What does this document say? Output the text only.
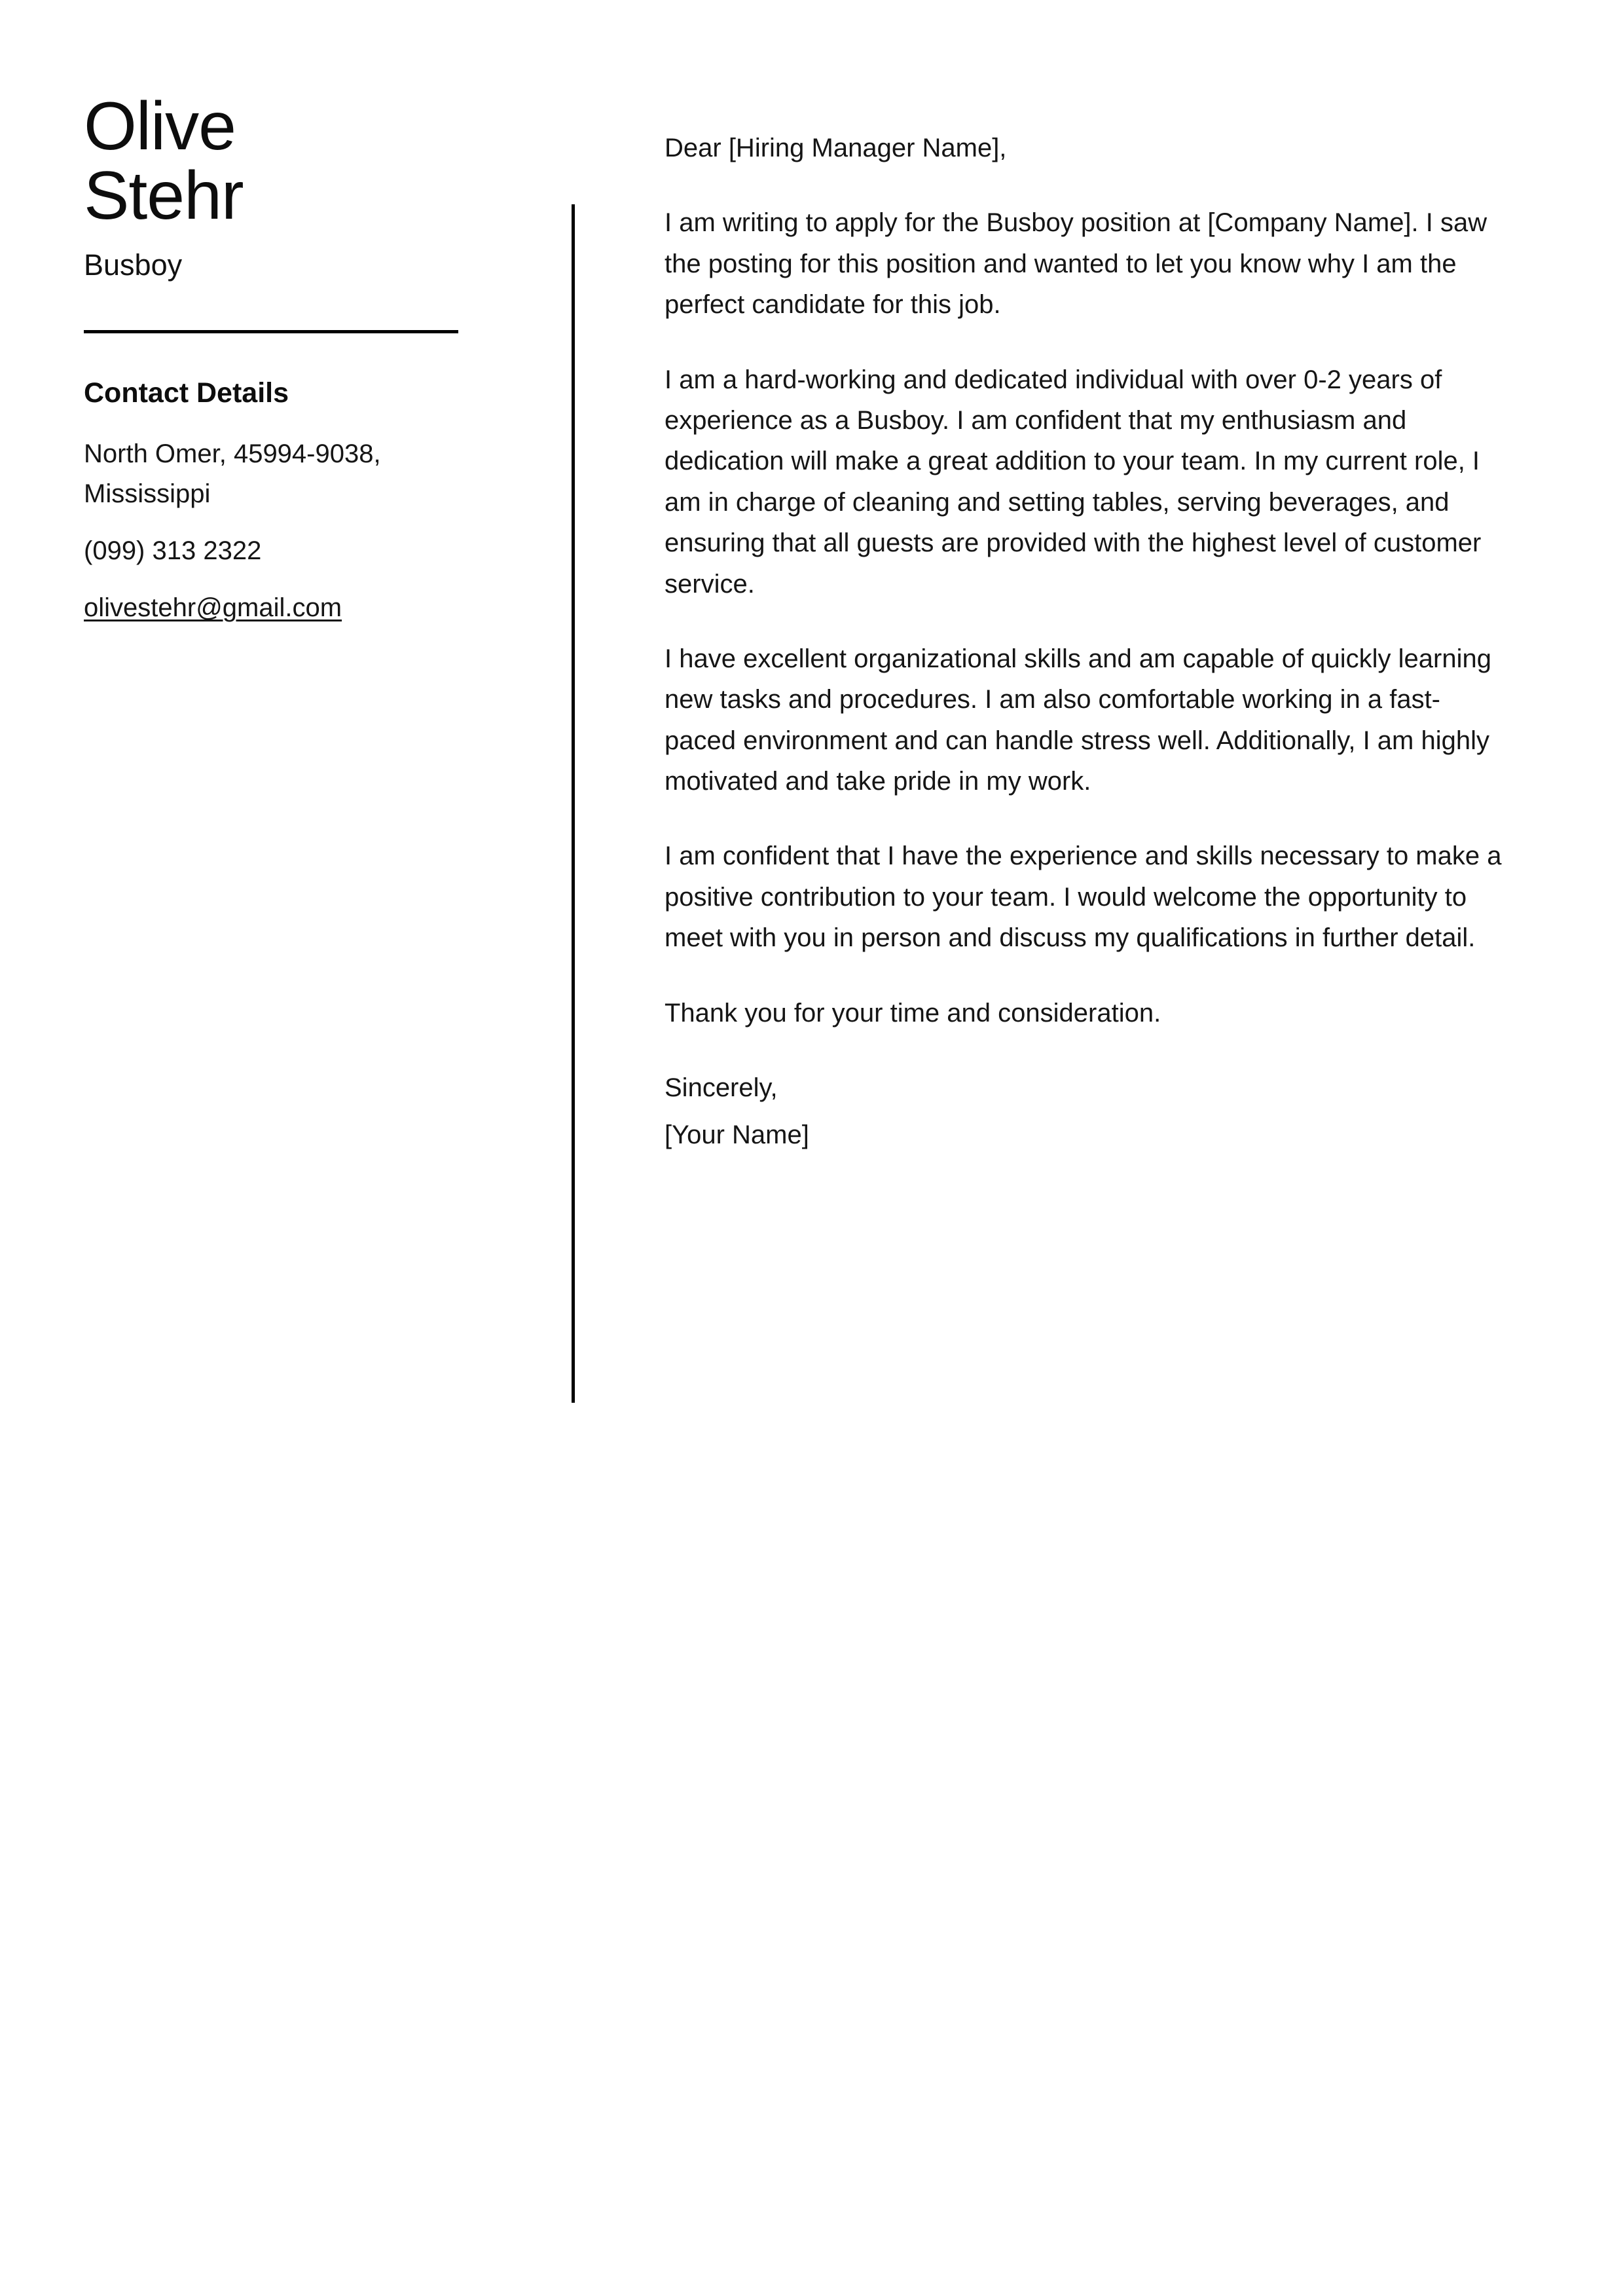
Olive
Stehr
Busboy
Contact Details
North Omer, 45994-9038, Mississippi
(099) 313 2322
olivestehr@gmail.com

Dear [Hiring Manager Name],

I am writing to apply for the Busboy position at [Company Name]. I saw the posting for this position and wanted to let you know why I am the perfect candidate for this job.

I am a hard-working and dedicated individual with over 0-2 years of experience as a Busboy. I am confident that my enthusiasm and dedication will make a great addition to your team. In my current role, I am in charge of cleaning and setting tables, serving beverages, and ensuring that all guests are provided with the highest level of customer service.

I have excellent organizational skills and am capable of quickly learning new tasks and procedures. I am also comfortable working in a fast-paced environment and can handle stress well. Additionally, I am highly motivated and take pride in my work.

I am confident that I have the experience and skills necessary to make a positive contribution to your team. I would welcome the opportunity to meet with you in person and discuss my qualifications in further detail.

Thank you for your time and consideration.

Sincerely,

[Your Name]
